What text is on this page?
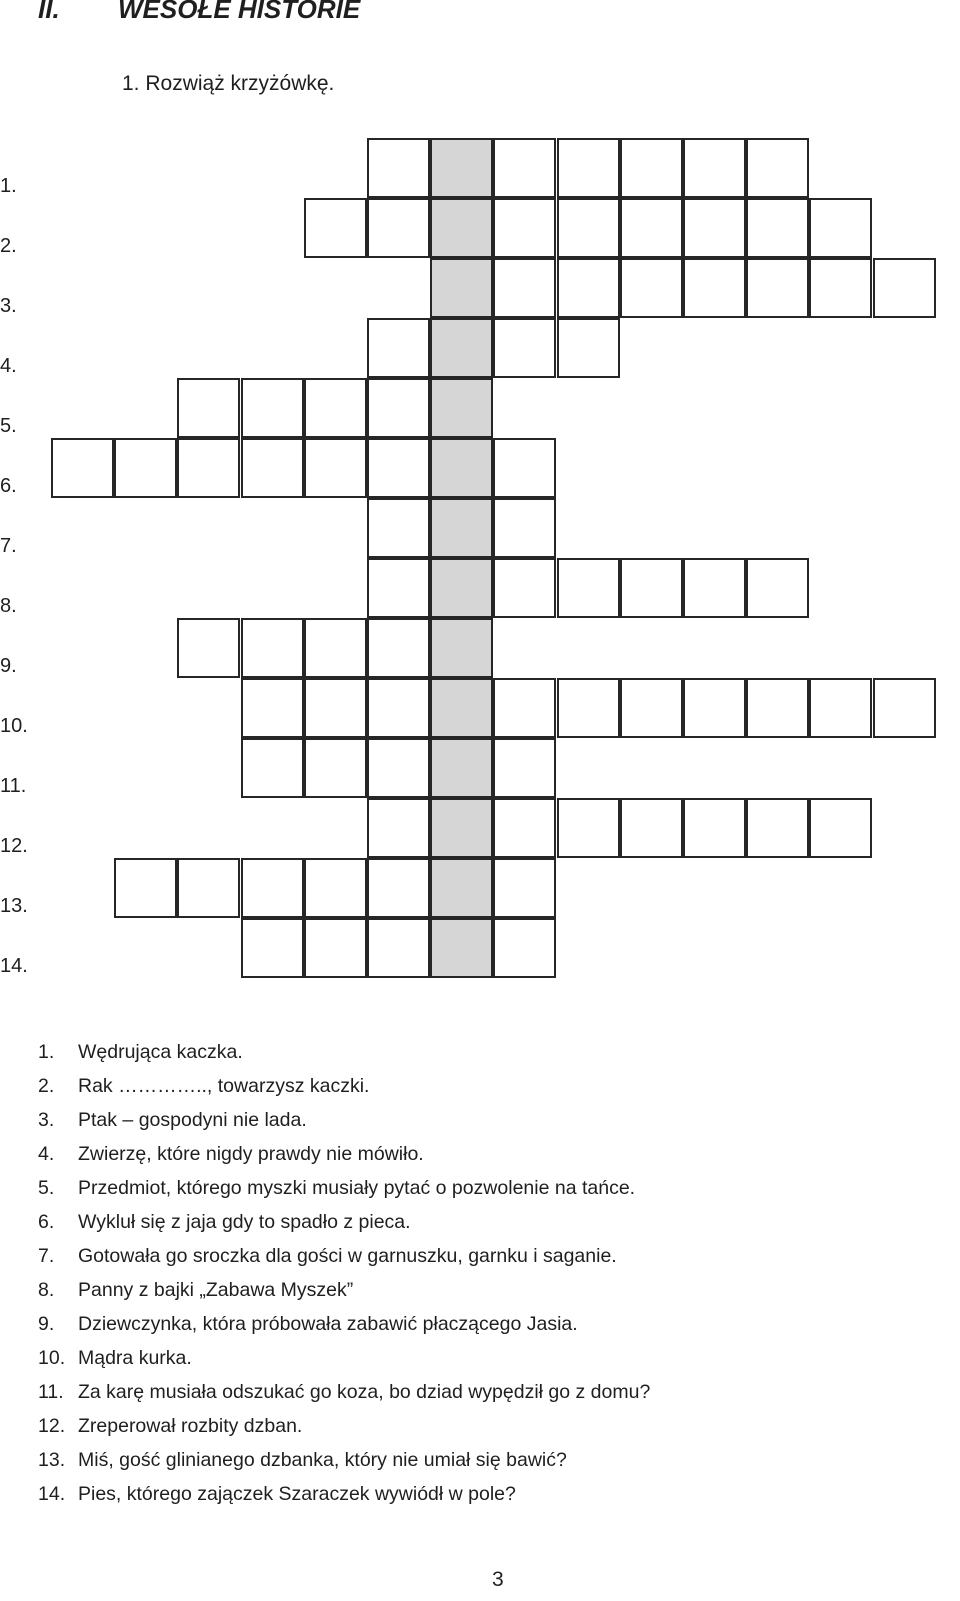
II. WESOŁE HISTORIE

1. Rozwiąż krzyżówkę.

1.
2.
3.
4.
5.
6.
7.
8.
9.
10.
11.
12.
13.
14.
1. Wędrująca kaczka.
2. Rak ………….., towarzysz kaczki.
3. Ptak – gospodyni nie lada.
4. Zwierzę, które nigdy prawdy nie mówiło.
5. Przedmiot, którego myszki musiały pytać o pozwolenie na tańce.
6. Wykluł się z jaja gdy to spadło z pieca.
7. Gotowała go sroczka dla gości w garnuszku, garnku i saganie.
8. Panny z bajki „Zabawa Myszek”
9. Dziewczynka, która próbowała zabawić płaczącego Jasia.
10. Mądra kurka.
11. Za karę musiała odszukać go koza, bo dziad wypędził go z domu?
12. Zreperował rozbity dzban.
13. Miś, gość glinianego dzbanka, który nie umiał się bawić?
14. Pies, którego zajączek Szaraczek wywiódł w pole?
3
